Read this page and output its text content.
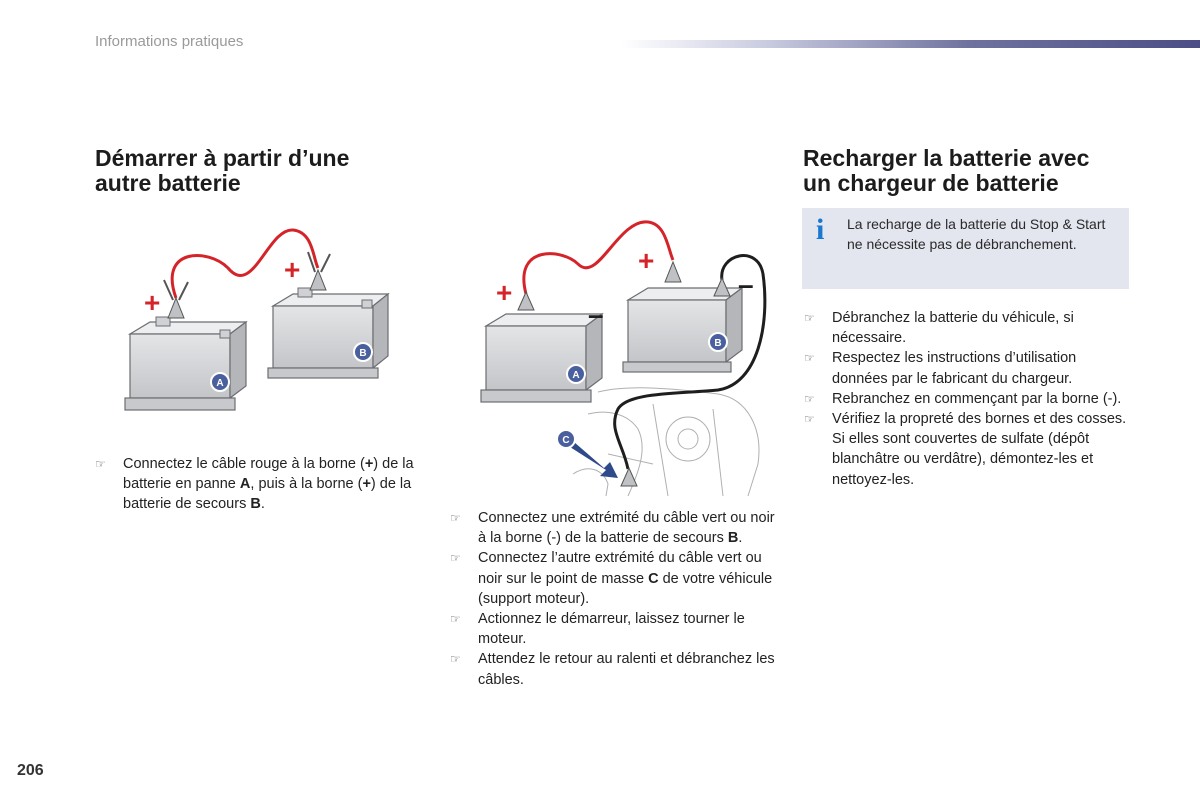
Informations pratiques
Démarrer à partir d’une
autre batterie
Recharger la batterie avec
un chargeur de batterie
+
+
A
B
+
+
–
–
A
B
C
☞ Connectez le câble rouge à la borne (+) de la batterie en panne A, puis à la borne (+) de la batterie de secours B.
☞ Connectez une extrémité du câble vert ou noir à la borne (-) de la batterie de secours B.
☞ Connectez l’autre extrémité du câble vert ou noir sur le point de masse C de votre véhicule (support moteur).
☞ Actionnez le démarreur, laissez tourner le moteur.
☞ Attendez le retour au ralenti et débranchez les câbles.
i La recharge de la batterie du Stop & Start ne nécessite pas de débranchement.
☞ Débranchez la batterie du véhicule, si nécessaire.
☞ Respectez les instructions d’utilisation données par le fabricant du chargeur.
☞ Rebranchez en commençant par la borne (-).
☞ Vérifiez la propreté des bornes et des cosses. Si elles sont couvertes de sulfate (dépôt blanchâtre ou verdâtre), démontez-les et nettoyez-les.
206
